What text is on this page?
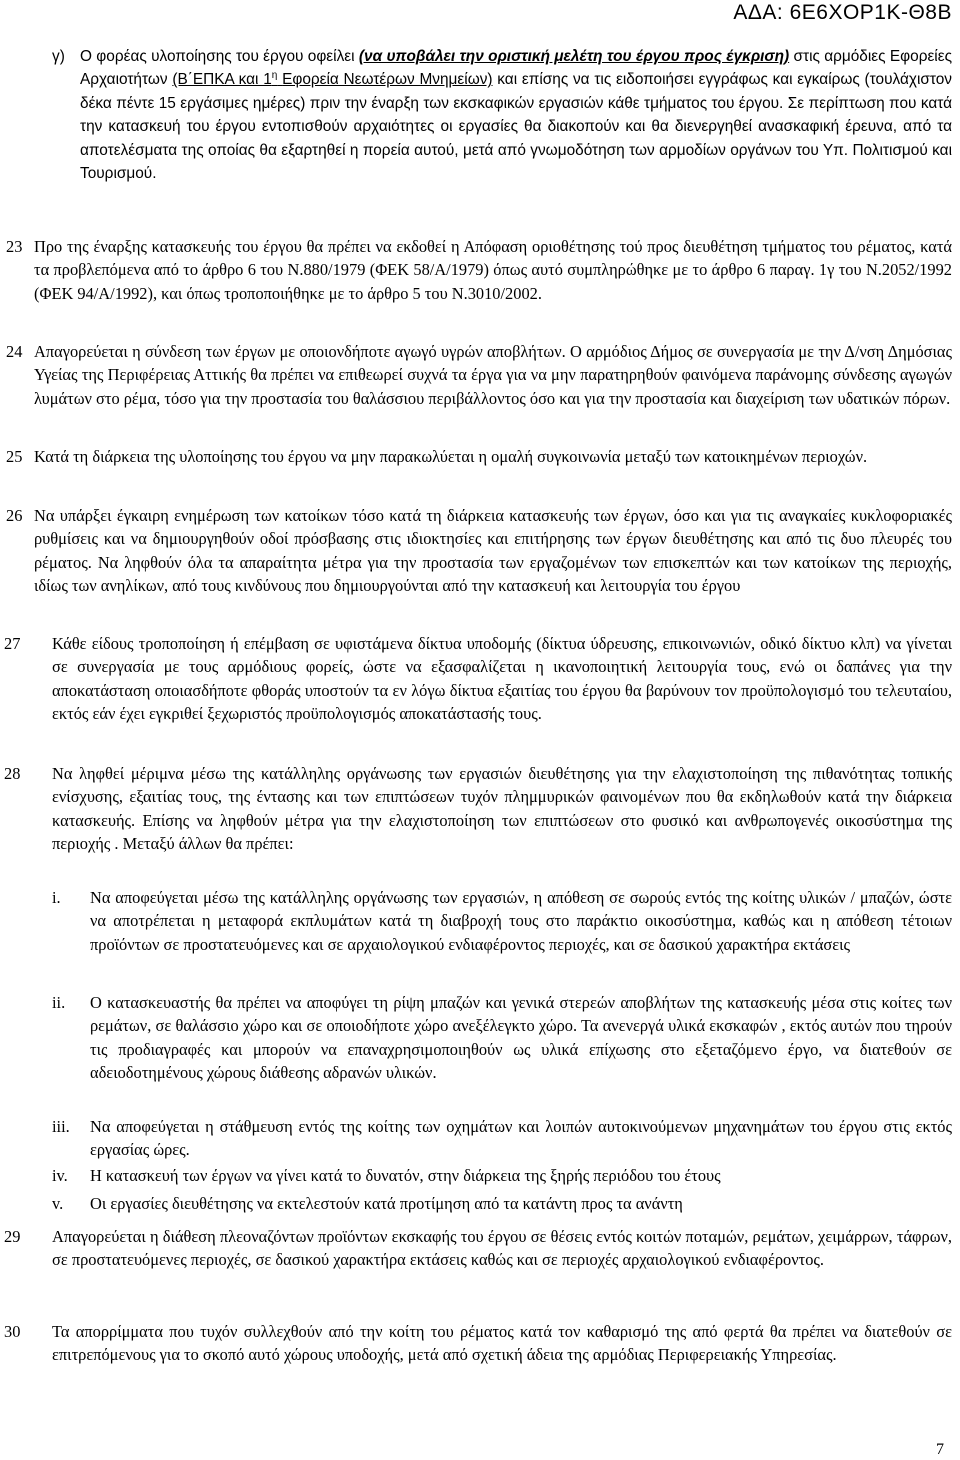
ΑΔΑ: 6Ε6ΧΟΡ1Κ-Θ8Β
γ) Ο φορέας υλοποίησης του έργου οφείλει (να υποβάλει την οριστική μελέτη του έργου προς έγκριση) στις αρμόδιες Εφορείες Αρχαιοτήτων (Β΄ΕΠΚΑ και $1^\eta$ Εφορεία Νεωτέρων Μνημείων) και επίσης να τις ειδοποιήσει εγγράφως και εγκαίρως (τουλάχιστον δέκα πέντε 15 εργάσιμες ημέρες) πριν την έναρξη των εκσκαφικών εργασιών κάθε τμήματος του έργου. Σε περίπτωση που κατά την κατασκευή του έργου εντοπισθούν αρχαιότητες οι εργασίες θα διακοπούν και θα διενεργηθεί ανασκαφική έρευνα, από τα αποτελέσματα της οποίας θα εξαρτηθεί η πορεία αυτού, μετά από γνωμοδότηση των αρμοδίων οργάνων του Υπ. Πολιτισμού και Τουρισμού.
23 Προ της έναρξης κατασκευής του έργου θα πρέπει να εκδοθεί η Απόφαση οριοθέτησης τού προς διευθέτηση τμήματος του ρέματος, κατά τα προβλεπόμενα από το άρθρο 6 του Ν.880/1979 (ΦΕΚ 58/Α/1979) όπως αυτό συμπληρώθηκε με το άρθρο 6 παραγ. 1γ του Ν.2052/1992 (ΦΕΚ 94/Α/1992), και όπως τροποποιήθηκε με το άρθρο 5 του Ν.3010/2002.
24 Απαγορεύεται η σύνδεση των έργων με οποιονδήποτε αγωγό υγρών αποβλήτων. Ο αρμόδιος Δήμος σε συνεργασία με την Δ/νση Δημόσιας Υγείας της Περιφέρειας Αττικής θα πρέπει να επιθεωρεί συχνά τα έργα για να μην παρατηρηθούν φαινόμενα παράνομης σύνδεσης αγωγών λυμάτων στο ρέμα, τόσο για την προστασία του θαλάσσιου περιβάλλοντος όσο και για την προστασία και διαχείριση των υδατικών πόρων.
25 Κατά τη διάρκεια της υλοποίησης του έργου να μην παρακωλύεται η ομαλή συγκοινωνία μεταξύ των κατοικημένων περιοχών.
26 Να υπάρξει έγκαιρη ενημέρωση των κατοίκων τόσο κατά τη διάρκεια κατασκευής των έργων, όσο και για τις αναγκαίες κυκλοφοριακές ρυθμίσεις και να δημιουργηθούν οδοί πρόσβασης στις ιδιοκτησίες και επιτήρησης των έργων διευθέτησης και από τις δυο πλευρές του ρέματος. Να ληφθούν όλα τα απαραίτητα μέτρα για την προστασία των εργαζομένων των επισκεπτών και των κατοίκων της περιοχής, ιδίως των ανηλίκων, από τους κινδύνους που δημιουργούνται από την κατασκευή και λειτουργία του έργου
27 Κάθε είδους τροποποίηση ή επέμβαση σε υφιστάμενα δίκτυα υποδομής (δίκτυα ύδρευσης, επικοινωνιών, οδικό δίκτυο κλπ) να γίνεται σε συνεργασία με τους αρμόδιους φορείς, ώστε να εξασφαλίζεται η ικανοποιητική λειτουργία τους, ενώ οι δαπάνες για την αποκατάσταση οποιασδήποτε φθοράς υποστούν τα εν λόγω δίκτυα εξαιτίας του έργου θα βαρύνουν τον προϋπολογισμό του τελευταίου, εκτός εάν έχει εγκριθεί ξεχωριστός προϋπολογισμός αποκατάστασής τους.
28 Να ληφθεί μέριμνα μέσω της κατάλληλης οργάνωσης των εργασιών διευθέτησης για την ελαχιστοποίηση της πιθανότητας τοπικής ενίσχυσης, εξαιτίας τους, της έντασης και των επιπτώσεων τυχόν πλημμυρικών φαινομένων που θα εκδηλωθούν κατά την διάρκεια κατασκευής. Επίσης να ληφθούν μέτρα για την ελαχιστοποίηση των επιπτώσεων στο φυσικό και ανθρωπογενές οικοσύστημα της περιοχής . Μεταξύ άλλων θα πρέπει:
i. Να αποφεύγεται μέσω της κατάλληλης οργάνωσης των εργασιών, η απόθεση σε σωρούς εντός της κοίτης υλικών / μπαζών, ώστε να αποτρέπεται η μεταφορά εκπλυμάτων κατά τη διαβροχή τους στο παράκτιο οικοσύστημα, καθώς και η απόθεση τέτοιων προϊόντων σε προστατευόμενες και σε αρχαιολογικού ενδιαφέροντος περιοχές, και σε δασικού χαρακτήρα εκτάσεις
ii. Ο κατασκευαστής θα πρέπει να αποφύγει τη ρίψη μπαζών και γενικά στερεών αποβλήτων της κατασκευής μέσα στις κοίτες των ρεμάτων, σε θαλάσσιο χώρο και σε οποιοδήποτε χώρο ανεξέλεγκτο χώρο. Τα ανενεργά υλικά εκσκαφών , εκτός αυτών που τηρούν τις προδιαγραφές και μπορούν να επαναχρησιμοποιηθούν ως υλικά επίχωσης στο εξεταζόμενο έργο, να διατεθούν σε αδειοδοτημένους χώρους διάθεσης αδρανών υλικών.
iii. Να αποφεύγεται η στάθμευση εντός της κοίτης των οχημάτων και λοιπών αυτοκινούμενων μηχανημάτων του έργου στις εκτός εργασίας ώρες.
iv. Η κατασκευή των έργων να γίνει κατά το δυνατόν, στην διάρκεια της ξηρής περιόδου του έτους
v. Οι εργασίες διευθέτησης να εκτελεστούν κατά προτίμηση από τα κατάντη προς τα ανάντη
29 Απαγορεύεται η διάθεση πλεοναζόντων προϊόντων εκσκαφής του έργου σε θέσεις εντός κοιτών ποταμών, ρεμάτων, χειμάρρων, τάφρων, σε προστατευόμενες περιοχές, σε δασικού χαρακτήρα εκτάσεις καθώς και σε περιοχές αρχαιολογικού ενδιαφέροντος.
30 Τα απορρίμματα που τυχόν συλλεχθούν από την κοίτη του ρέματος κατά τον καθαρισμό της από φερτά θα πρέπει να διατεθούν σε επιτρεπόμενους για το σκοπό αυτό χώρους υποδοχής, μετά από σχετική άδεια της αρμόδιας Περιφερειακής Υπηρεσίας.
7
